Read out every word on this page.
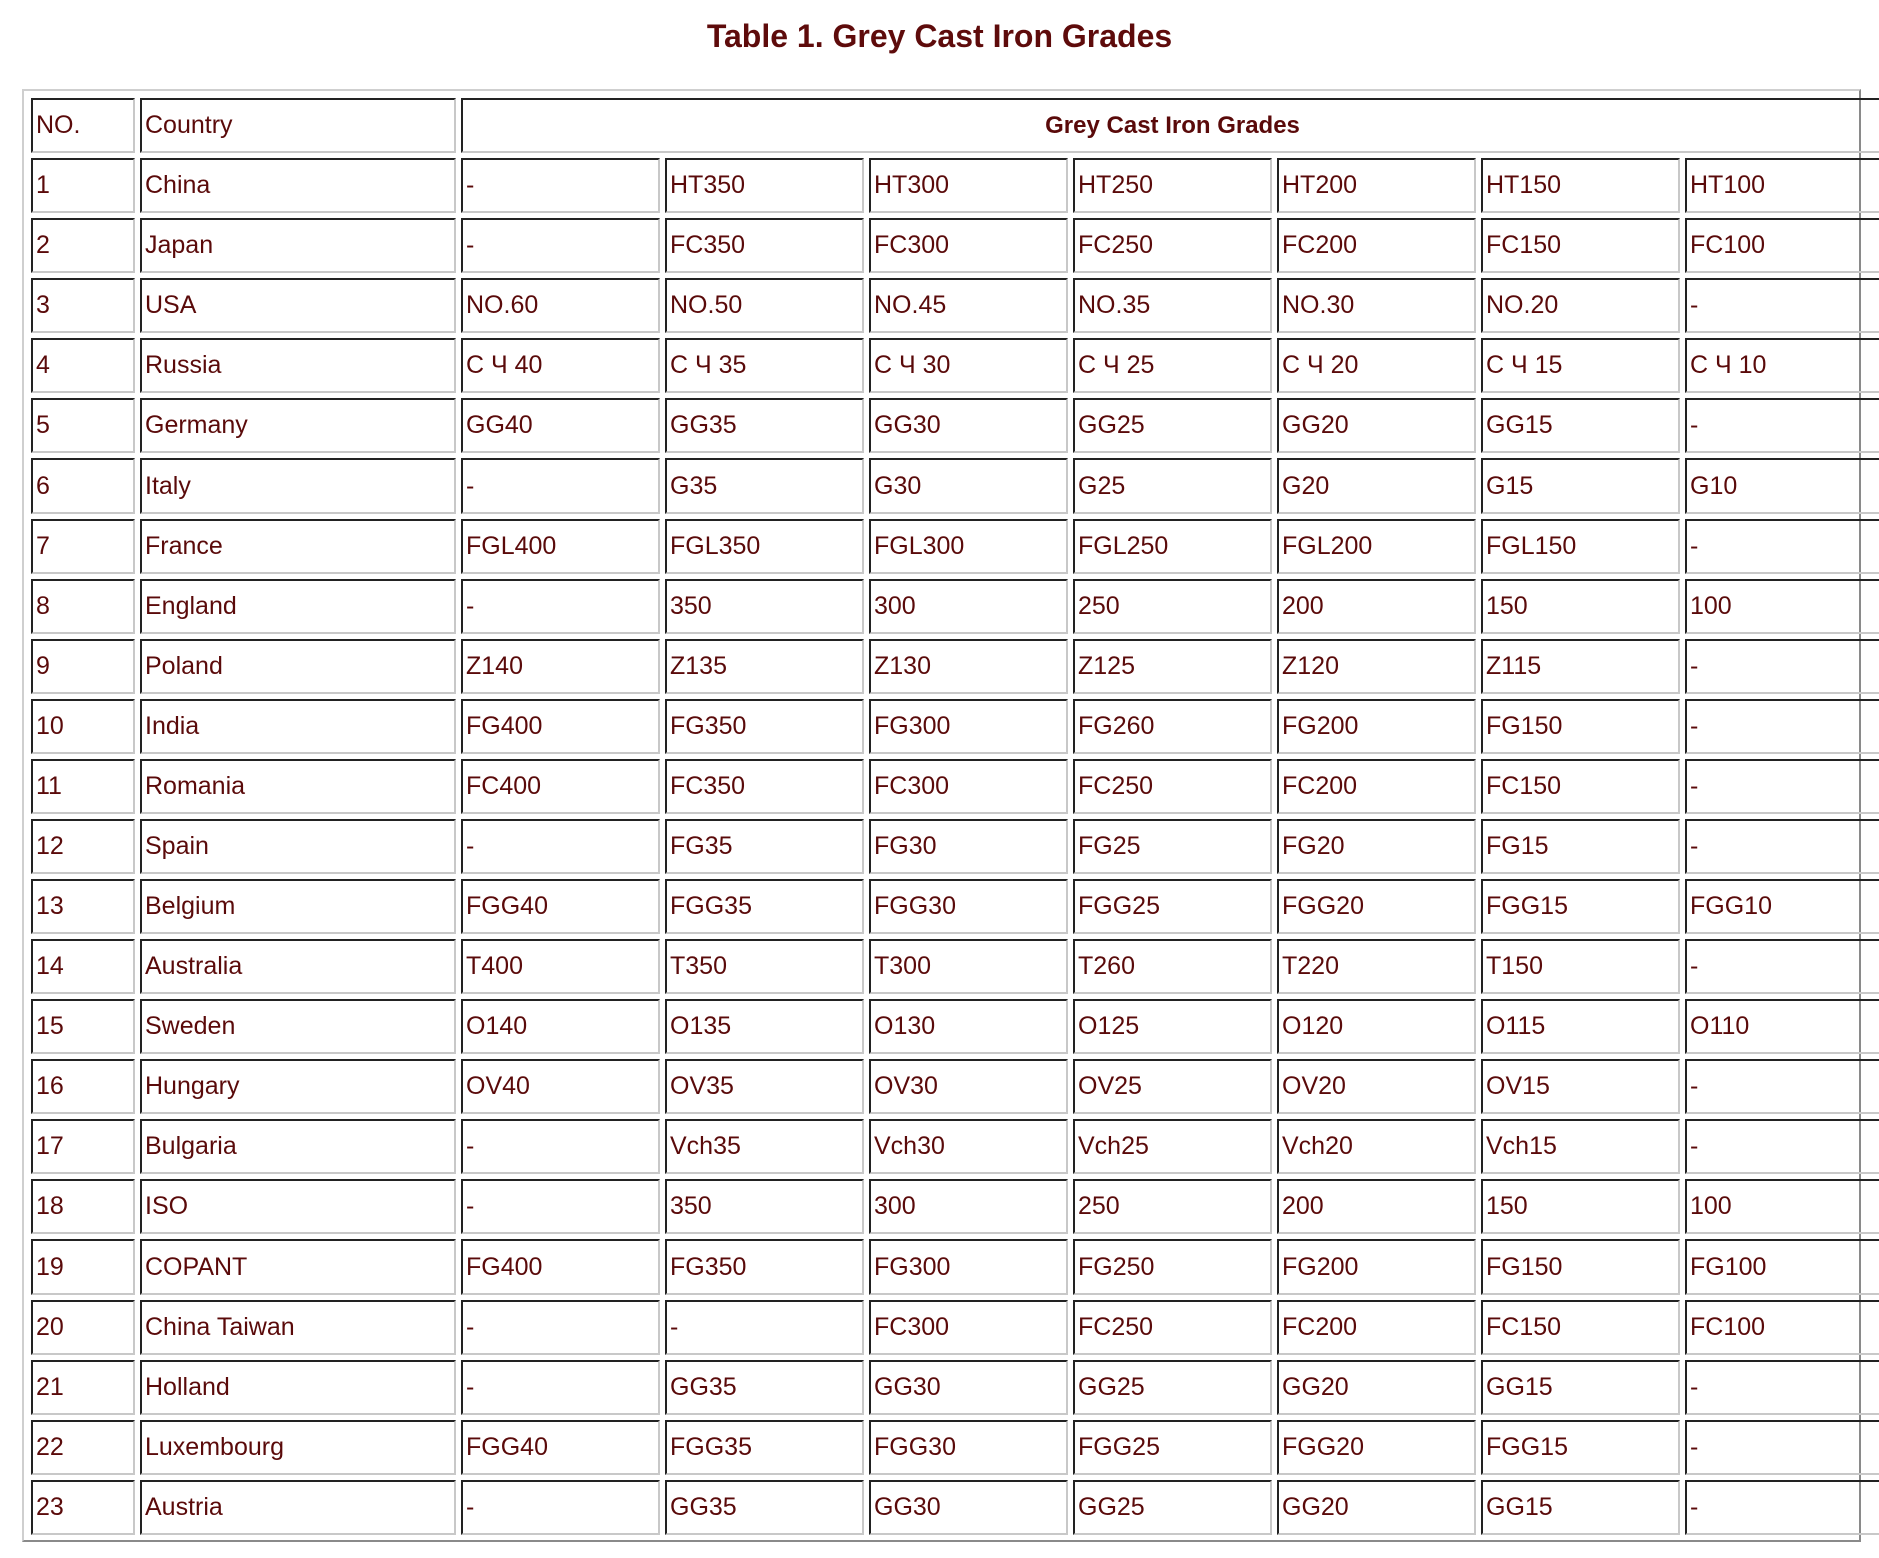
Table 1. Grey Cast Iron Grades
NO.	Country	Grey Cast Iron Grades						
1	China	-	HT350	HT300	HT250	HT200	HT150	HT100
2	Japan	-	FC350	FC300	FC250	FC200	FC150	FC100
3	USA	NO.60	NO.50	NO.45	NO.35	NO.30	NO.20	-
4	Russia	С Ч 40	С Ч 35	С Ч 30	С Ч 25	С Ч 20	С Ч 15	С Ч 10
5	Germany	GG40	GG35	GG30	GG25	GG20	GG15	-
6	Italy	-	G35	G30	G25	G20	G15	G10
7	France	FGL400	FGL350	FGL300	FGL250	FGL200	FGL150	-
8	England	-	350	300	250	200	150	100
9	Poland	Z140	Z135	Z130	Z125	Z120	Z115	-
10	India	FG400	FG350	FG300	FG260	FG200	FG150	-
11	Romania	FC400	FC350	FC300	FC250	FC200	FC150	-
12	Spain	-	FG35	FG30	FG25	FG20	FG15	-
13	Belgium	FGG40	FGG35	FGG30	FGG25	FGG20	FGG15	FGG10
14	Australia	T400	T350	T300	T260	T220	T150	-
15	Sweden	O140	O135	O130	O125	O120	O115	O110
16	Hungary	OV40	OV35	OV30	OV25	OV20	OV15	-
17	Bulgaria	-	Vch35	Vch30	Vch25	Vch20	Vch15	-
18	ISO	-	350	300	250	200	150	100
19	COPANT	FG400	FG350	FG300	FG250	FG200	FG150	FG100
20	China Taiwan	-	-	FC300	FC250	FC200	FC150	FC100
21	Holland	-	GG35	GG30	GG25	GG20	GG15	-
22	Luxembourg	FGG40	FGG35	FGG30	FGG25	FGG20	FGG15	-
23	Austria	-	GG35	GG30	GG25	GG20	GG15	-
